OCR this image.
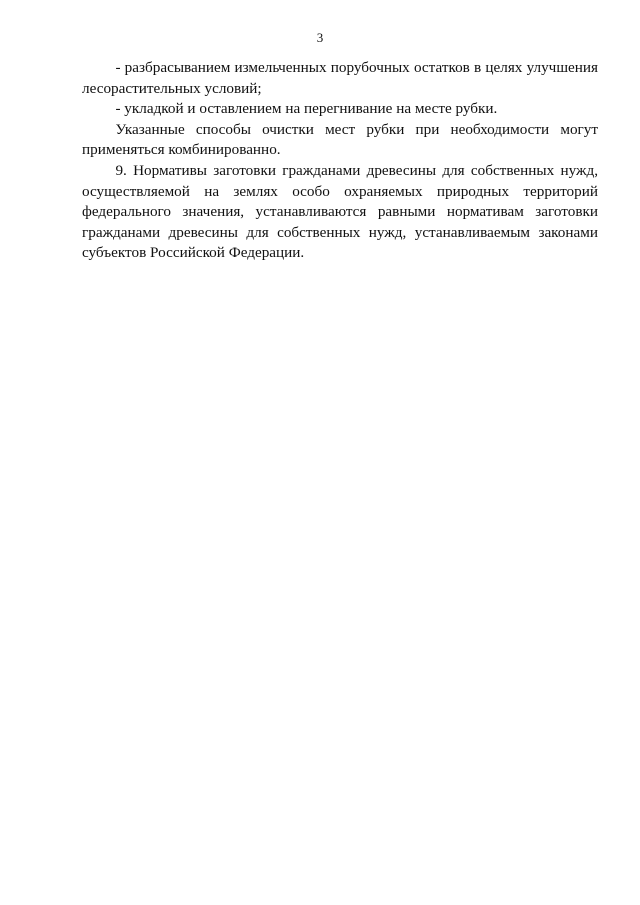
3

- разбрасыванием измельченных порубочных остатков в целях улучшения лесорастительных условий;

- укладкой и оставлением на перегнивание на месте рубки.

Указанные способы очистки мест рубки при необходимости могут применяться комбинированно.

9. Нормативы заготовки гражданами древесины для собственных нужд, осуществляемой на землях особо охраняемых природных территорий федерального значения, устанавливаются равными нормативам заготовки гражданами древесины для собственных нужд, устанавливаемым законами субъектов Российской Федерации.
